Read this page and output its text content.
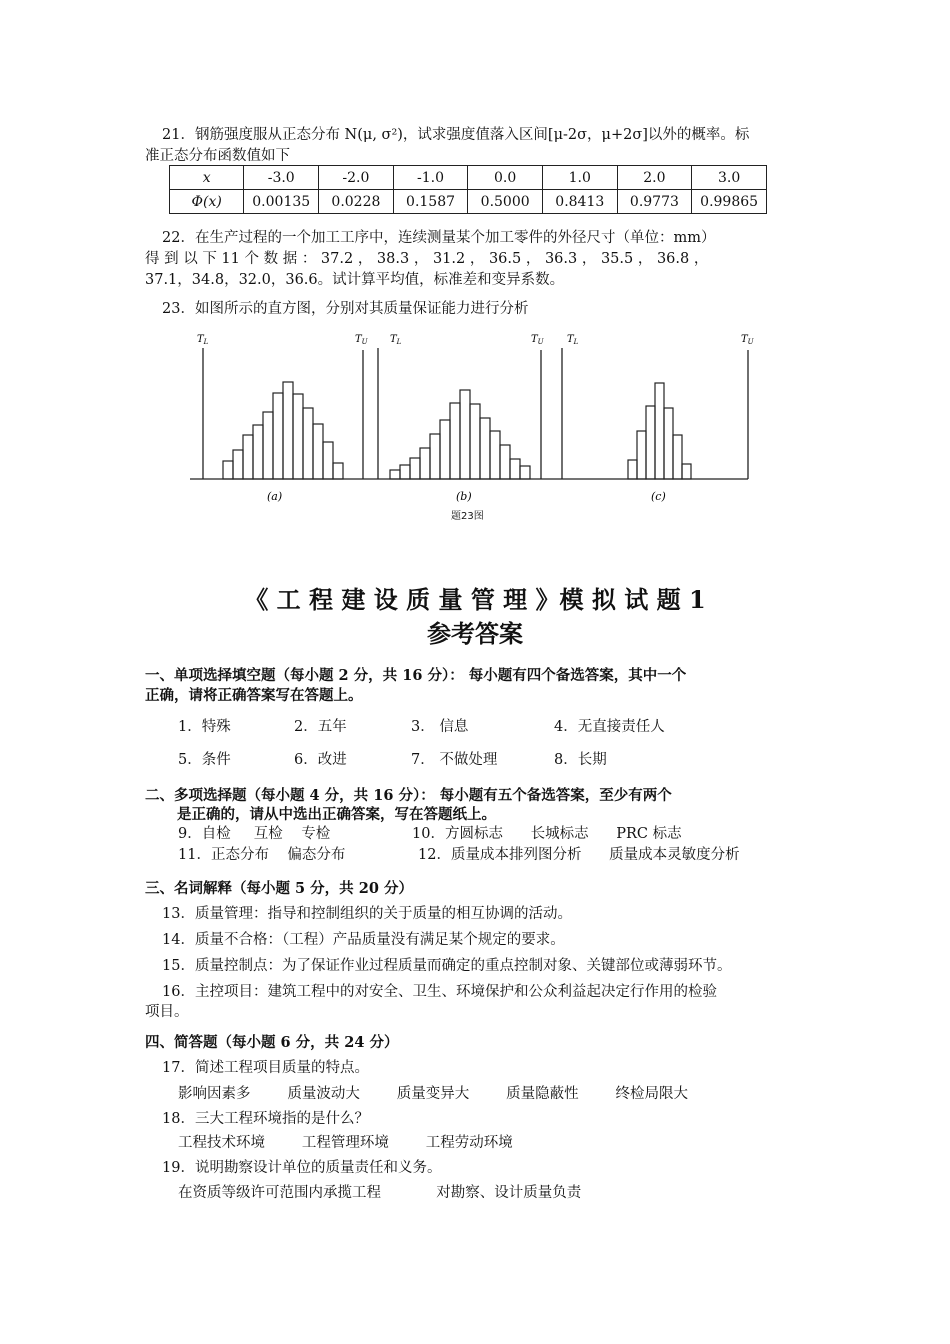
21．钢筋强度服从正态分布 N(μ, σ²)，试求强度值落入区间[μ-2σ，μ+2σ]以外的概率。标
准正态分布函数值如下
x	-3.0	-2.0	-1.0	0.0	1.0	2.0	3.0
Φ(x)	0.00135	0.0228	0.1587	0.5000	0.8413	0.9773	0.99865
22．在生产过程的一个加工工序中，连续测量某个加工零件的外径尺寸（单位：mm）
得 到 以 下 11 个 数 据 ： 37.2 ， 38.3 ， 31.2 ， 36.5 ， 36.3 ， 35.5 ， 36.8 ，
37.1，34.8，32.0，36.6。试计算平均值，标准差和变异系数。
23．如图所示的直方图，分别对其质量保证能力进行分析
$T_L$	$T_U$
(a)
$T_L$	$T_U$
(b)
$T_L$	$T_U$
(c)
题23图
《 工 程 建 设 质 量 管 理 》模 拟 试 题 1
参考答案
一、单项选择填空题（每小题 2 分，共 16 分）： 每小题有四个备选答案，其中一个
正确，请将正确答案写在答题上。
1．特殊	2．五年	3． 信息	4．无直接责任人
5．条件	6．改进	7． 不做处理	8．长期
二、多项选择题（每小题 4 分，共 16 分）： 每小题有五个备选答案，至少有两个
是正确的，请从中选出正确答案，写在答题纸上。
9．自检     互检    专检	10．方圆标志      长城标志      PRC 标志
11．正态分布    偏态分布	12．质量成本排列图分析      质量成本灵敏度分析
三、名词解释（每小题 5 分，共 20 分）
13．质量管理：指导和控制组织的关于质量的相互协调的活动。
14．质量不合格：（工程）产品质量没有满足某个规定的要求。
15．质量控制点：为了保证作业过程质量而确定的重点控制对象、关键部位或薄弱环节。
16．主控项目：建筑工程中的对安全、卫生、环境保护和公众利益起决定行作用的检验
项目。
四、简答题（每小题 6 分，共 24 分）
17．简述工程项目质量的特点。
影响因素多        质量波动大        质量变异大        质量隐蔽性        终检局限大
18．三大工程环境指的是什么？
工程技术环境        工程管理环境        工程劳动环境
19．说明勘察设计单位的质量责任和义务。
在资质等级许可范围内承揽工程            对勘察、设计质量负责
